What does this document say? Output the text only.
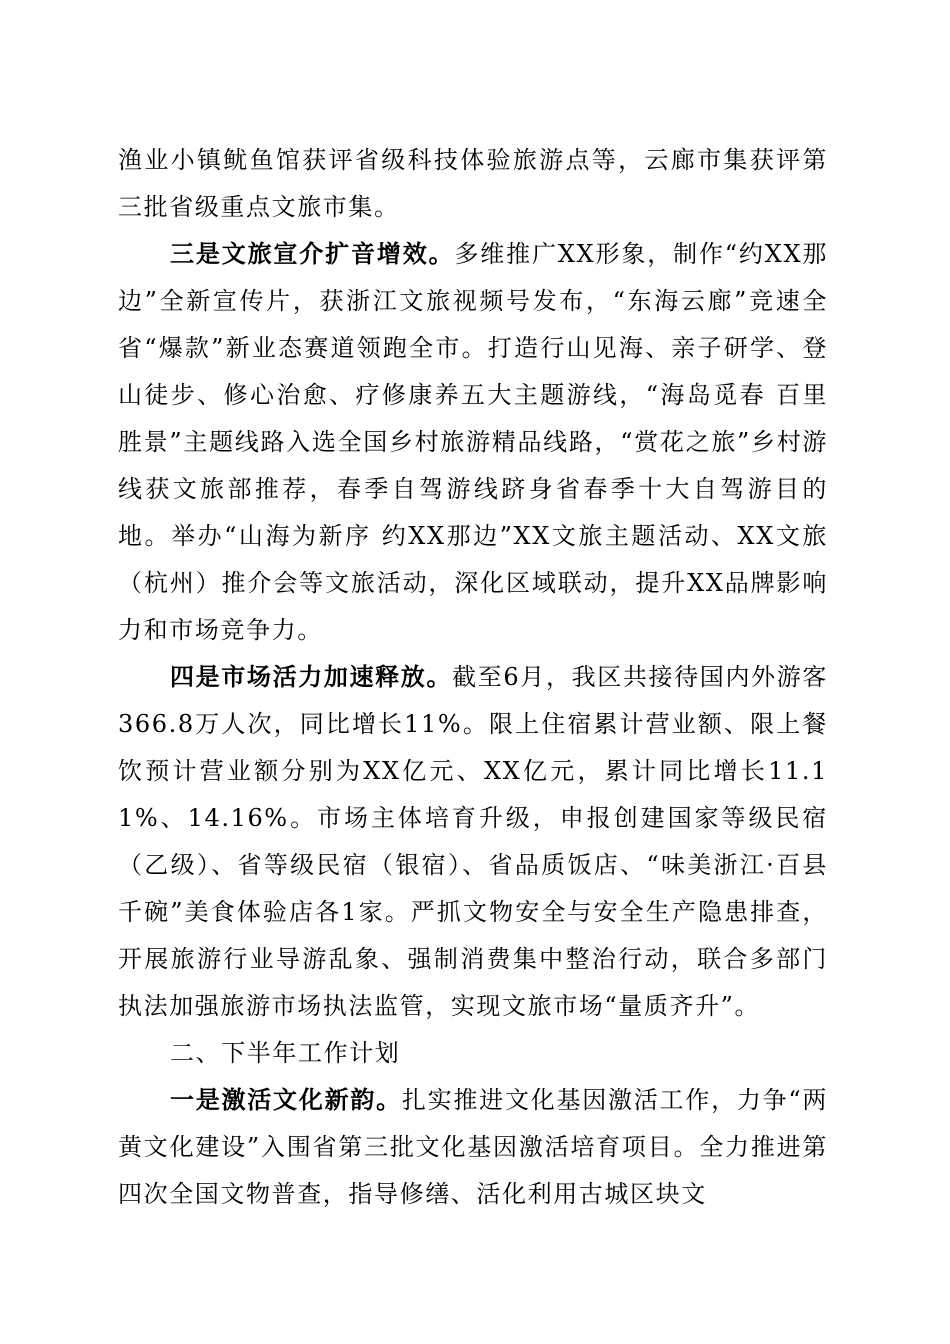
渔业小镇鱿鱼馆获评省级科技体验旅游点等，云廊市集获评第三批省级重点文旅市集。

三是文旅宣介扩音增效。多维推广XX形象，制作“约XX那边”全新宣传片，获浙江文旅视频号发布，“东海云廊”竞速全省“爆款”新业态赛道领跑全市。打造行山见海、亲子研学、登山徒步、修心治愈、疗修康养五大主题游线，“海岛觅春 百里胜景”主题线路入选全国乡村旅游精品线路，“赏花之旅”乡村游线获文旅部推荐，春季自驾游线跻身省春季十大自驾游目的地。举办“山海为新序 约XX那边”XX文旅主题活动、XX文旅（杭州）推介会等文旅活动，深化区域联动，提升XX品牌影响力和市场竞争力。

四是市场活力加速释放。截至6月，我区共接待国内外游客366.8万人次，同比增长11%。限上住宿累计营业额、限上餐饮预计营业额分别为XX亿元、XX亿元，累计同比增长11.11%、14.16%。市场主体培育升级，申报创建国家等级民宿（乙级）、省等级民宿（银宿）、省品质饭店、“味美浙江·百县千碗”美食体验店各1家。严抓文物安全与安全生产隐患排查，开展旅游行业导游乱象、强制消费集中整治行动，联合多部门执法加强旅游市场执法监管，实现文旅市场“量质齐升”。

二、下半年工作计划

一是激活文化新韵。扎实推进文化基因激活工作，力争“两黄文化建设”入围省第三批文化基因激活培育项目。全力推进第四次全国文物普查，指导修缮、活化利用古城区块文
